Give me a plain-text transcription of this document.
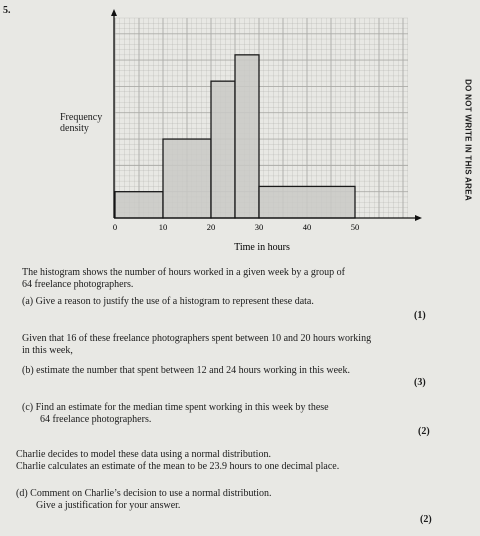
5.
Frequency
density
0	10	20	30	40	50
Time in hours
DO NOT WRITE IN THIS AREA
The histogram shows the number of hours worked in a given week by a group of
64 freelance photographers.
(a) Give a reason to justify the use of a histogram to represent these data.
(1)
Given that 16 of these freelance photographers spent between 10 and 20 hours working
in this week,
(b) estimate the number that spent between 12 and 24 hours working in this week.
(3)
(c) Find an estimate for the median time spent working in this week by these
64 freelance photographers.
(2)
Charlie decides to model these data using a normal distribution.
Charlie calculates an estimate of the mean to be 23.9 hours to one decimal place.
(d) Comment on Charlie’s decision to use a normal distribution.
Give a justification for your answer.
(2)
